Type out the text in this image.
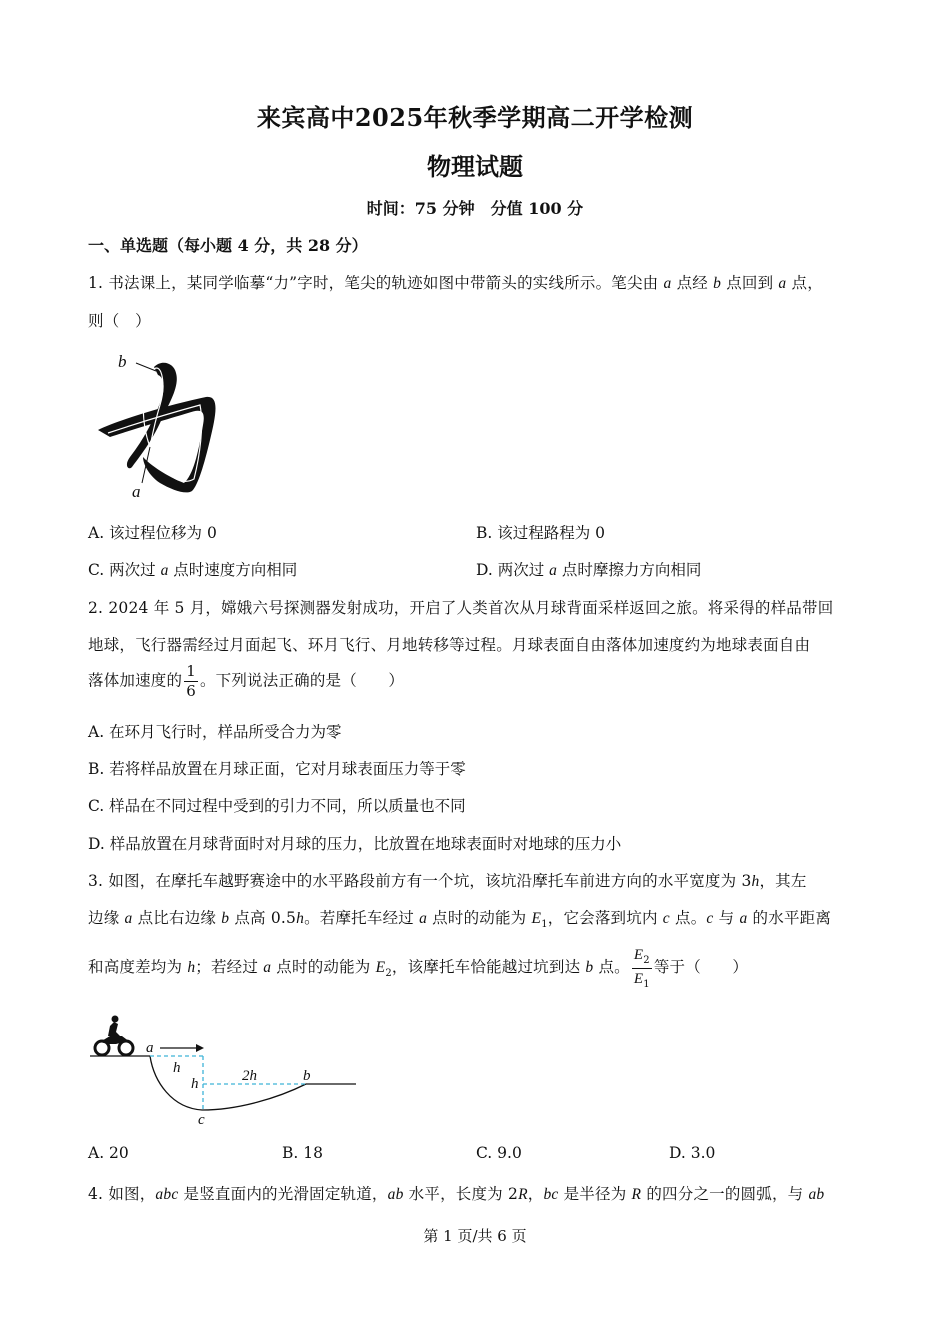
来宾高中2025年秋季学期高二开学检测
物理试题
时间：75 分钟　分值 100 分
一、单选题（每小题 4 分，共 28 分）
1. 书法课上，某同学临摹“力”字时，笔尖的轨迹如图中带箭头的实线所示。笔尖由 a 点经 b 点回到 a 点，
则（　）
b
a
A. 该过程位移为 0	B. 该过程路程为 0
C. 两次过 a 点时速度方向相同	D. 两次过 a 点时摩擦力方向相同
2. 2024 年 5 月，嫦娥六号探测器发射成功，开启了人类首次从月球背面采样返回之旅。将采得的样品带回
地球，飞行器需经过月面起飞、环月飞行、月地转移等过程。月球表面自由落体加速度约为地球表面自由
落体加速度的 $\frac{1}{6}$ 。下列说法正确的是（　　）
A. 在环月飞行时，样品所受合力为零
B. 若将样品放置在月球正面，它对月球表面压力等于零
C. 样品在不同过程中受到的引力不同，所以质量也不同
D. 样品放置在月球背面时对月球的压力，比放置在地球表面时对地球的压力小
3. 如图，在摩托车越野赛途中的水平路段前方有一个坑，该坑沿摩托车前进方向的水平宽度为 3h，其左
边缘 a 点比右边缘 b 点高 0.5h。若摩托车经过 a 点时的动能为 $E_1$，它会落到坑内 c 点。c 与 a 的水平距离
和高度差均为 h；若经过 a 点时的动能为 $E_2$，该摩托车恰能越过坑到达 b 点。 $\frac{E_2}{E_1}$ 等于（　　）
a
h
h	2h	b
c
A. 20	B. 18	C. 9.0	D. 3.0
4. 如图，abc 是竖直面内的光滑固定轨道，ab 水平，长度为 2R，bc 是半径为 R 的四分之一的圆弧，与 ab
第 1 页/共 6 页
